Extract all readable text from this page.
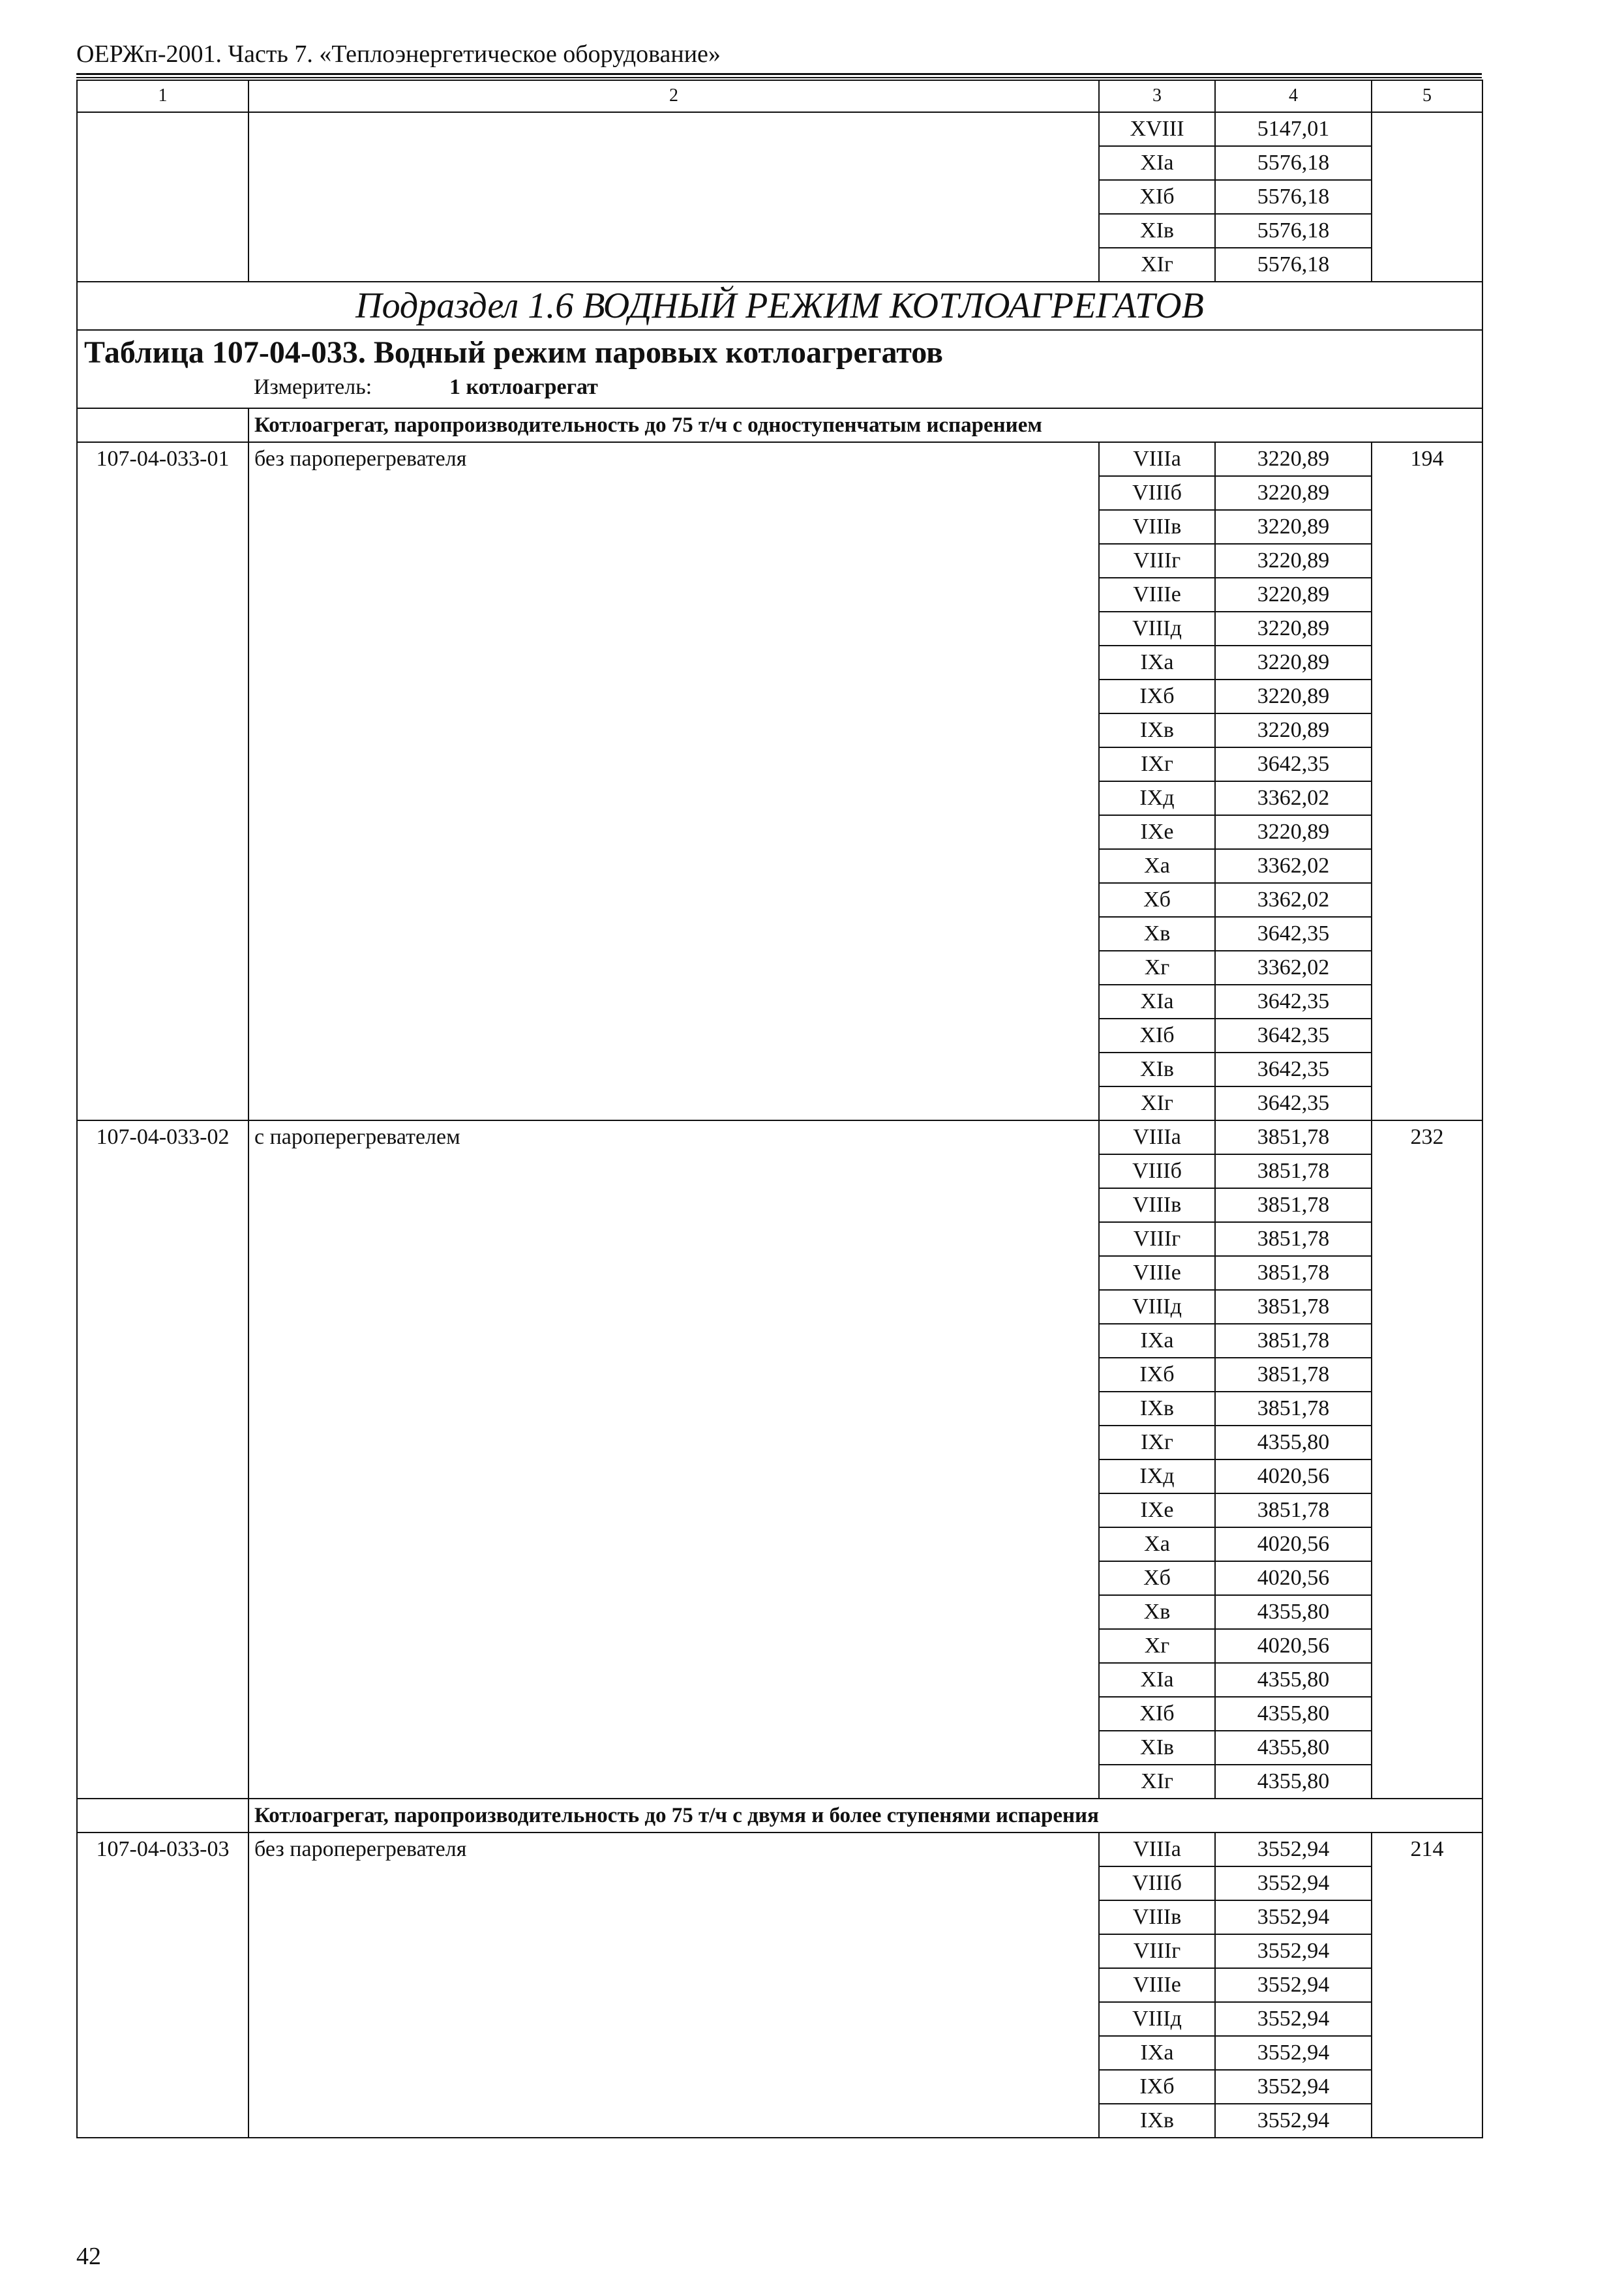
ОЕРЖп-2001. Часть 7. «Теплоэнергетическое оборудование»
1	2	3	4	5
		ХVIII	5147,01	
		XIа	5576,18	
		XIб	5576,18	
		XIв	5576,18	
		XIг	5576,18	
Подраздел 1.6 ВОДНЫЙ РЕЖИМ КОТЛОАГРЕГАТОВ				

Таблица 107-04-033. Водный режим паровых котлоагрегатов
Измеритель: 1 котлоагрегат				

	Котлоагрегат, паропроизводительность до 75 т/ч с одноступенчатым испарением			
107-04-033-01	без пароперегревателя	VIIIа	3220,89	194
		VIIIб	3220,89	
		VIIIв	3220,89	
		VIIIг	3220,89	
		VIIIе	3220,89	
		VIIIд	3220,89	
		IXа	3220,89	
		IXб	3220,89	
		IXв	3220,89	
		IXг	3642,35	
		IXд	3362,02	
		IXе	3220,89	
		Xа	3362,02	
		Xб	3362,02	
		Xв	3642,35	
		Xг	3362,02	
		XIа	3642,35	
		XIб	3642,35	
		XIв	3642,35	
		XIг	3642,35	
107-04-033-02	с пароперегревателем	VIIIа	3851,78	232
		VIIIб	3851,78	
		VIIIв	3851,78	
		VIIIг	3851,78	
		VIIIе	3851,78	
		VIIIд	3851,78	
		IXа	3851,78	
		IXб	3851,78	
		IXв	3851,78	
		IXг	4355,80	
		IXд	4020,56	
		IXе	3851,78	
		Xа	4020,56	
		Xб	4020,56	
		Xв	4355,80	
		Xг	4020,56	
		XIа	4355,80	
		XIб	4355,80	
		XIв	4355,80	
		XIг	4355,80	
	Котлоагрегат, паропроизводительность до 75 т/ч с двумя и более ступенями испарения			
107-04-033-03	без пароперегревателя	VIIIа	3552,94	214
		VIIIб	3552,94	
		VIIIв	3552,94	
		VIIIг	3552,94	
		VIIIе	3552,94	
		VIIIд	3552,94	
		IXа	3552,94	
		IXб	3552,94	
		IXв	3552,94	
42
